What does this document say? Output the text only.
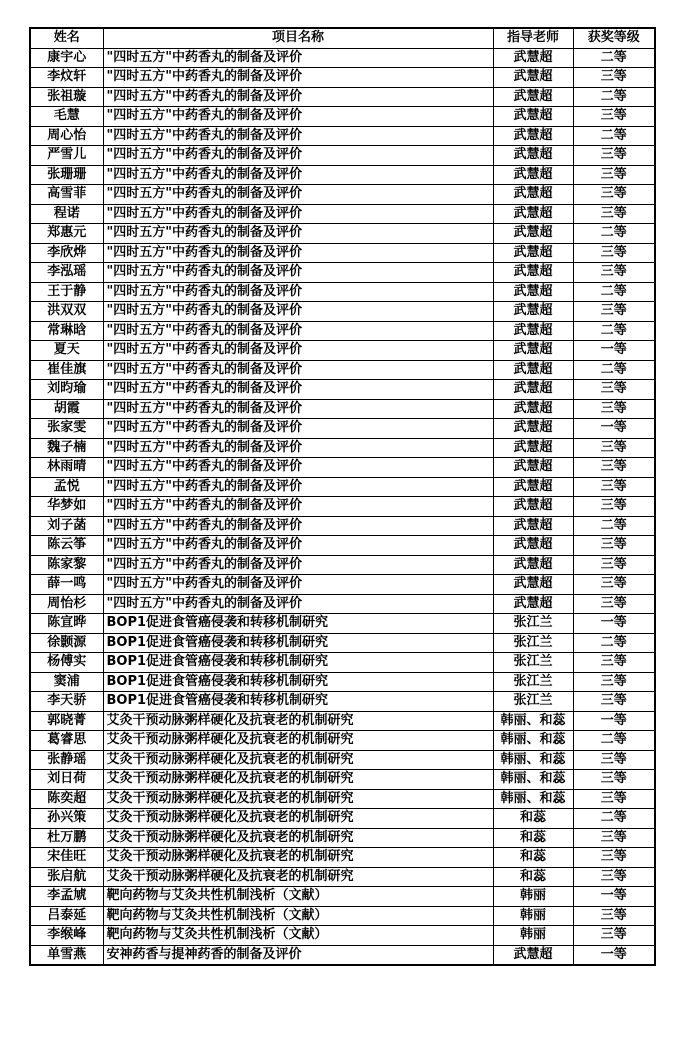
姓名	项目名称	指导老师	获奖等级
康宇心	"四时五方"中药香丸的制备及评价	武慧超	二等
李炆轩	"四时五方"中药香丸的制备及评价	武慧超	三等
张祖璇	"四时五方"中药香丸的制备及评价	武慧超	二等
毛慧	"四时五方"中药香丸的制备及评价	武慧超	三等
周心怡	"四时五方"中药香丸的制备及评价	武慧超	二等
严雪儿	"四时五方"中药香丸的制备及评价	武慧超	三等
张珊珊	"四时五方"中药香丸的制备及评价	武慧超	三等
高雪菲	"四时五方"中药香丸的制备及评价	武慧超	三等
程诺	"四时五方"中药香丸的制备及评价	武慧超	三等
郑惠元	"四时五方"中药香丸的制备及评价	武慧超	二等
李欣烨	"四时五方"中药香丸的制备及评价	武慧超	三等
李泓瑶	"四时五方"中药香丸的制备及评价	武慧超	三等
王于静	"四时五方"中药香丸的制备及评价	武慧超	二等
洪双双	"四时五方"中药香丸的制备及评价	武慧超	三等
常琳晗	"四时五方"中药香丸的制备及评价	武慧超	二等
夏天	"四时五方"中药香丸的制备及评价	武慧超	一等
崔佳旗	"四时五方"中药香丸的制备及评价	武慧超	二等
刘昀瑜	"四时五方"中药香丸的制备及评价	武慧超	三等
胡霞	"四时五方"中药香丸的制备及评价	武慧超	三等
张家雯	"四时五方"中药香丸的制备及评价	武慧超	一等
魏子楠	"四时五方"中药香丸的制备及评价	武慧超	三等
林雨晴	"四时五方"中药香丸的制备及评价	武慧超	三等
孟悦	"四时五方"中药香丸的制备及评价	武慧超	三等
华梦如	"四时五方"中药香丸的制备及评价	武慧超	三等
刘子菡	"四时五方"中药香丸的制备及评价	武慧超	二等
陈云筝	"四时五方"中药香丸的制备及评价	武慧超	三等
陈家黎	"四时五方"中药香丸的制备及评价	武慧超	三等
薛一鸣	"四时五方"中药香丸的制备及评价	武慧超	三等
周怡杉	"四时五方"中药香丸的制备及评价	武慧超	三等
陈宣晔	BOP1促进食管癌侵袭和转移机制研究	张江兰	一等
徐颢源	BOP1促进食管癌侵袭和转移机制研究	张江兰	二等
杨傅实	BOP1促进食管癌侵袭和转移机制研究	张江兰	三等
窦浦	BOP1促进食管癌侵袭和转移机制研究	张江兰	三等
李天骄	BOP1促进食管癌侵袭和转移机制研究	张江兰	三等
郭晓菁	艾灸干预动脉粥样硬化及抗衰老的机制研究	韩丽、和蕊	一等
葛睿思	艾灸干预动脉粥样硬化及抗衰老的机制研究	韩丽、和蕊	二等
张静瑶	艾灸干预动脉粥样硬化及抗衰老的机制研究	韩丽、和蕊	三等
刘日荷	艾灸干预动脉粥样硬化及抗衰老的机制研究	韩丽、和蕊	三等
陈奕超	艾灸干预动脉粥样硬化及抗衰老的机制研究	韩丽、和蕊	三等
孙兴策	艾灸干预动脉粥样硬化及抗衰老的机制研究	和蕊	二等
杜万鹏	艾灸干预动脉粥样硬化及抗衰老的机制研究	和蕊	三等
宋佳旺	艾灸干预动脉粥样硬化及抗衰老的机制研究	和蕊	三等
张启航	艾灸干预动脉粥样硬化及抗衰老的机制研究	和蕊	三等
李孟虓	靶向药物与艾灸共性机制浅析（文献）	韩丽	一等
吕泰延	靶向药物与艾灸共性机制浅析（文献）	韩丽	三等
李缑峰	靶向药物与艾灸共性机制浅析（文献）	韩丽	三等
单雪燕	安神药香与提神药香的制备及评价	武慧超	一等
